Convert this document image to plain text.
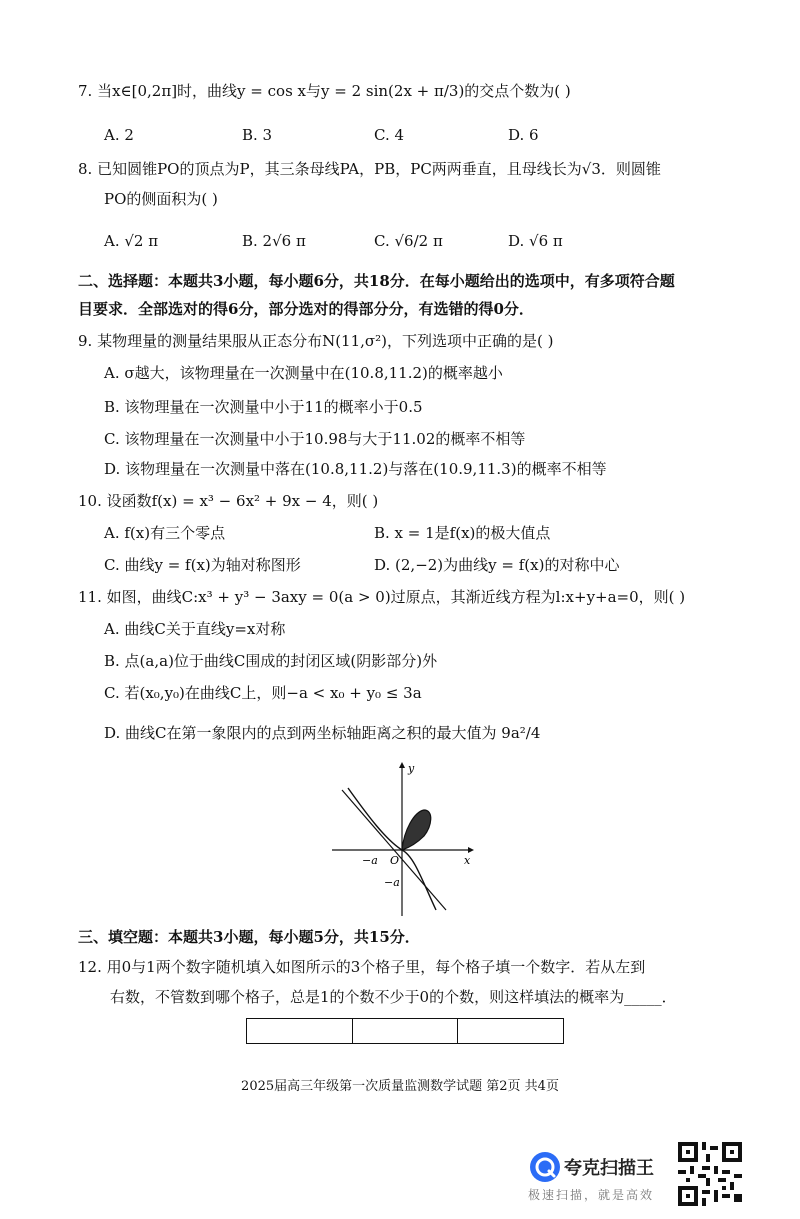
7. 当x∈[0,2π]时，曲线y = cos x与y = 2 sin(2x + π/3)的交点个数为( )
A. 2	B. 3	C. 4	D. 6
8. 已知圆锥PO的顶点为P，其三条母线PA，PB，PC两两垂直，且母线长为√3．则圆锥
PO的侧面积为( )
A. √2 π	B. 2√6 π	C. √6/2 π	D. √6 π
二、选择题：本题共3小题，每小题6分，共18分．在每小题给出的选项中，有多项符合题
目要求．全部选对的得6分，部分选对的得部分分，有选错的得0分．
9. 某物理量的测量结果服从正态分布N(11,σ²)，下列选项中正确的是( )
A. σ越大，该物理量在一次测量中在(10.8,11.2)的概率越小
B. 该物理量在一次测量中小于11的概率小于0.5
C. 该物理量在一次测量中小于10.98与大于11.02的概率不相等
D. 该物理量在一次测量中落在(10.8,11.2)与落在(10.9,11.3)的概率不相等
10. 设函数f(x) = x³ − 6x² + 9x − 4，则( )
A. f(x)有三个零点	B. x = 1是f(x)的极大值点
C. 曲线y = f(x)为轴对称图形	D. (2,−2)为曲线y = f(x)的对称中心
11. 如图，曲线C:x³ + y³ − 3axy = 0(a > 0)过原点，其渐近线方程为l:x+y+a=0，则( )
A. 曲线C关于直线y=x对称
B. 点(a,a)位于曲线C围成的封闭区域(阴影部分)外
C. 若(x₀,y₀)在曲线C上，则−a < x₀ + y₀ ≤ 3a
D. 曲线C在第一象限内的点到两坐标轴距离之积的最大值为 9a²/4
y
x
−a O
−a
三、填空题：本题共3小题，每小题5分，共15分．
12. 用0与1两个数字随机填入如图所示的3个格子里，每个格子填一个数字．若从左到
右数，不管数到哪个格子，总是1的个数不少于0的个数，则这样填法的概率为_____．
2025届高三年级第一次质量监测数学试题 第2页 共4页
夸克扫描王
极速扫描，就是高效
